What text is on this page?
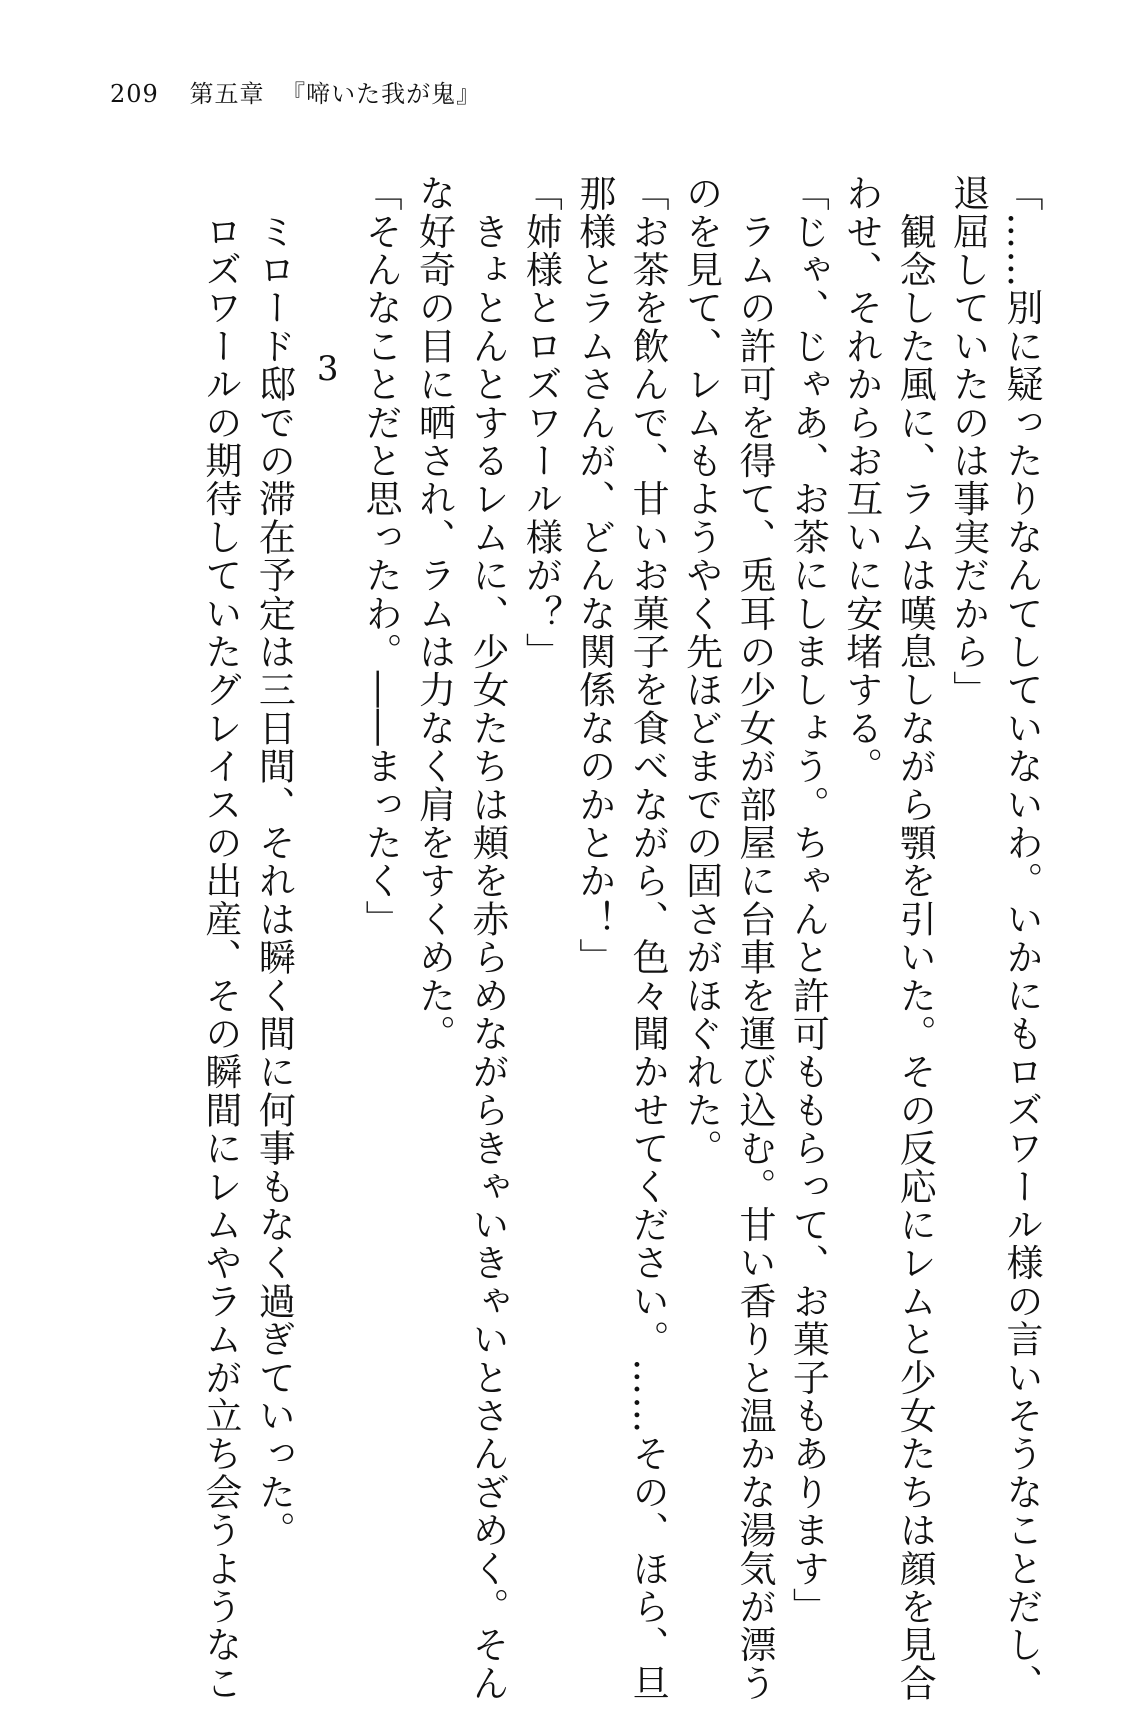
209 第五章 『啼いた我が鬼』
「……別に疑ったりなんてしていないわ。いかにもロズワール様の言いそうなことだし、
退屈していたのは事実だから」
　観念した風に、ラムは嘆息しながら顎を引いた。その反応にレムと少女たちは顔を見合
わせ、それからお互いに安堵する。
「じゃ、じゃあ、お茶にしましょう。ちゃんと許可ももらって、お菓子もあります」
　ラムの許可を得て、兎耳の少女が部屋に台車を運び込む。甘い香りと温かな湯気が漂う
のを見て、レムもようやく先ほどまでの固さがほぐれた。
「お茶を飲んで、甘いお菓子を食べながら、色々聞かせてください。……その、ほら、旦
那様とラムさんが、どんな関係なのかとか！」
「姉様とロズワール様が？」
　きょとんとするレムに、少女たちは頬を赤らめながらきゃいきゃいとさんざめく。そん
な好奇の目に晒され、ラムは力なく肩をすくめた。
「そんなことだと思ったわ。――まったく」
3
　ミロード邸での滞在予定は三日間、それは瞬く間に何事もなく過ぎていった。
　ロズワールの期待していたグレイスの出産、その瞬間にレムやラムが立ち会うようなこ
